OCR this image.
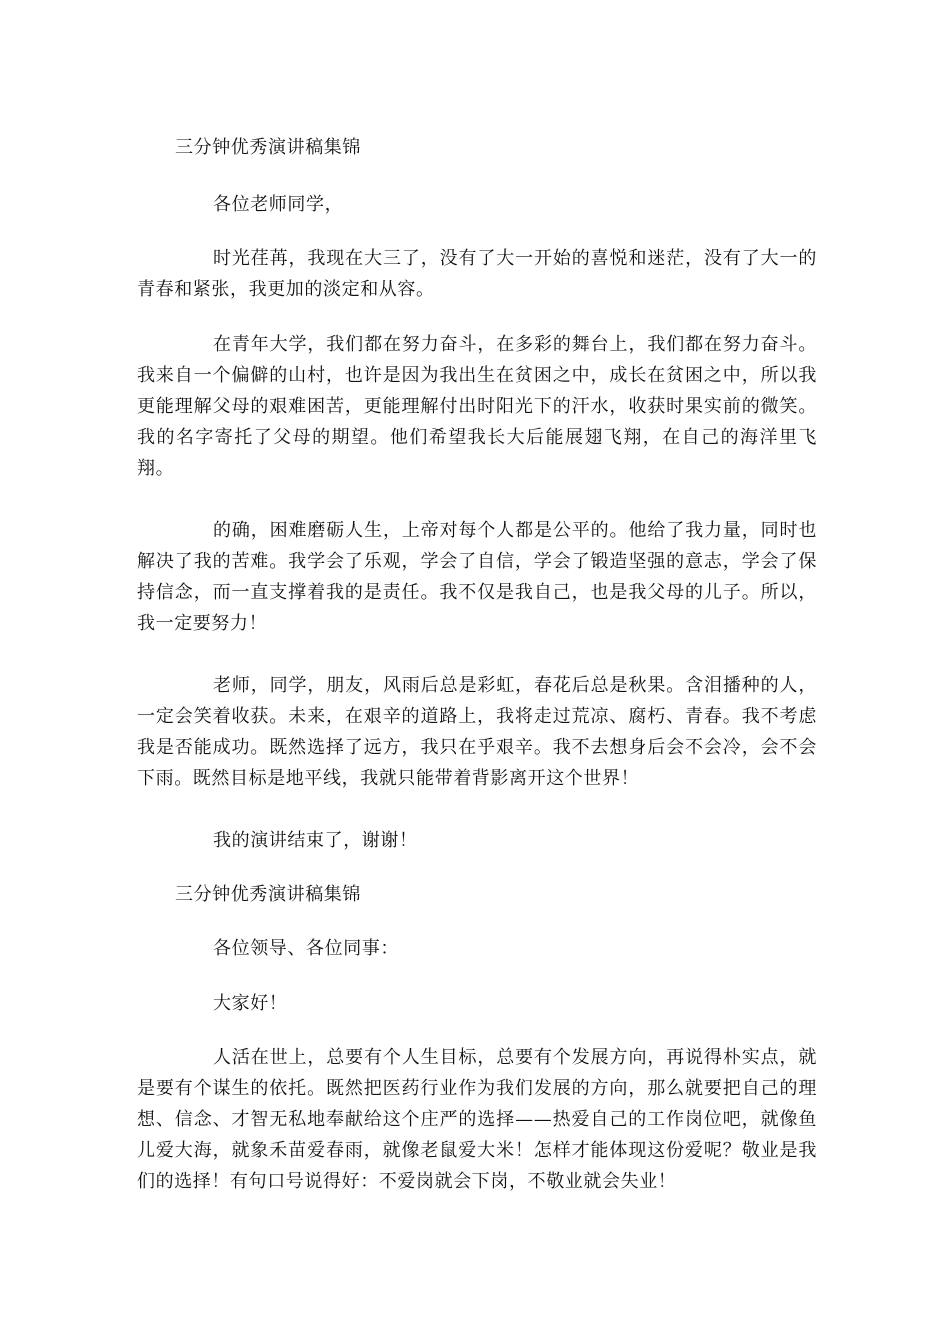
三分钟优秀演讲稿集锦

各位老师同学，

时光荏苒，我现在大三了，没有了大一开始的喜悦和迷茫，没有了大一的青春和紧张，我更加的淡定和从容。

在青年大学，我们都在努力奋斗，在多彩的舞台上，我们都在努力奋斗。我来自一个偏僻的山村，也许是因为我出生在贫困之中，成长在贫困之中，所以我更能理解父母的艰难困苦，更能理解付出时阳光下的汗水，收获时果实前的微笑。我的名字寄托了父母的期望。他们希望我长大后能展翅飞翔，在自己的海洋里飞翔。

的确，困难磨砺人生，上帝对每个人都是公平的。他给了我力量，同时也解决了我的苦难。我学会了乐观，学会了自信，学会了锻造坚强的意志，学会了保持信念，而一直支撑着我的是责任。我不仅是我自己，也是我父母的儿子。所以，我一定要努力！

老师，同学，朋友，风雨后总是彩虹，春花后总是秋果。含泪播种的人，一定会笑着收获。未来，在艰辛的道路上，我将走过荒凉、腐朽、青春。我不考虑我是否能成功。既然选择了远方，我只在乎艰辛。我不去想身后会不会冷，会不会下雨。既然目标是地平线，我就只能带着背影离开这个世界！

我的演讲结束了，谢谢！

三分钟优秀演讲稿集锦

各位领导、各位同事：

大家好！

人活在世上，总要有个人生目标，总要有个发展方向，再说得朴实点，就是要有个谋生的依托。既然把医药行业作为我们发展的方向，那么就要把自己的理想、信念、才智无私地奉献给这个庄严的选择——热爱自己的工作岗位吧，就像鱼儿爱大海，就象禾苗爱春雨，就像老鼠爱大米！怎样才能体现这份爱呢？敬业是我们的选择！有句口号说得好：不爱岗就会下岗，不敬业就会失业！
